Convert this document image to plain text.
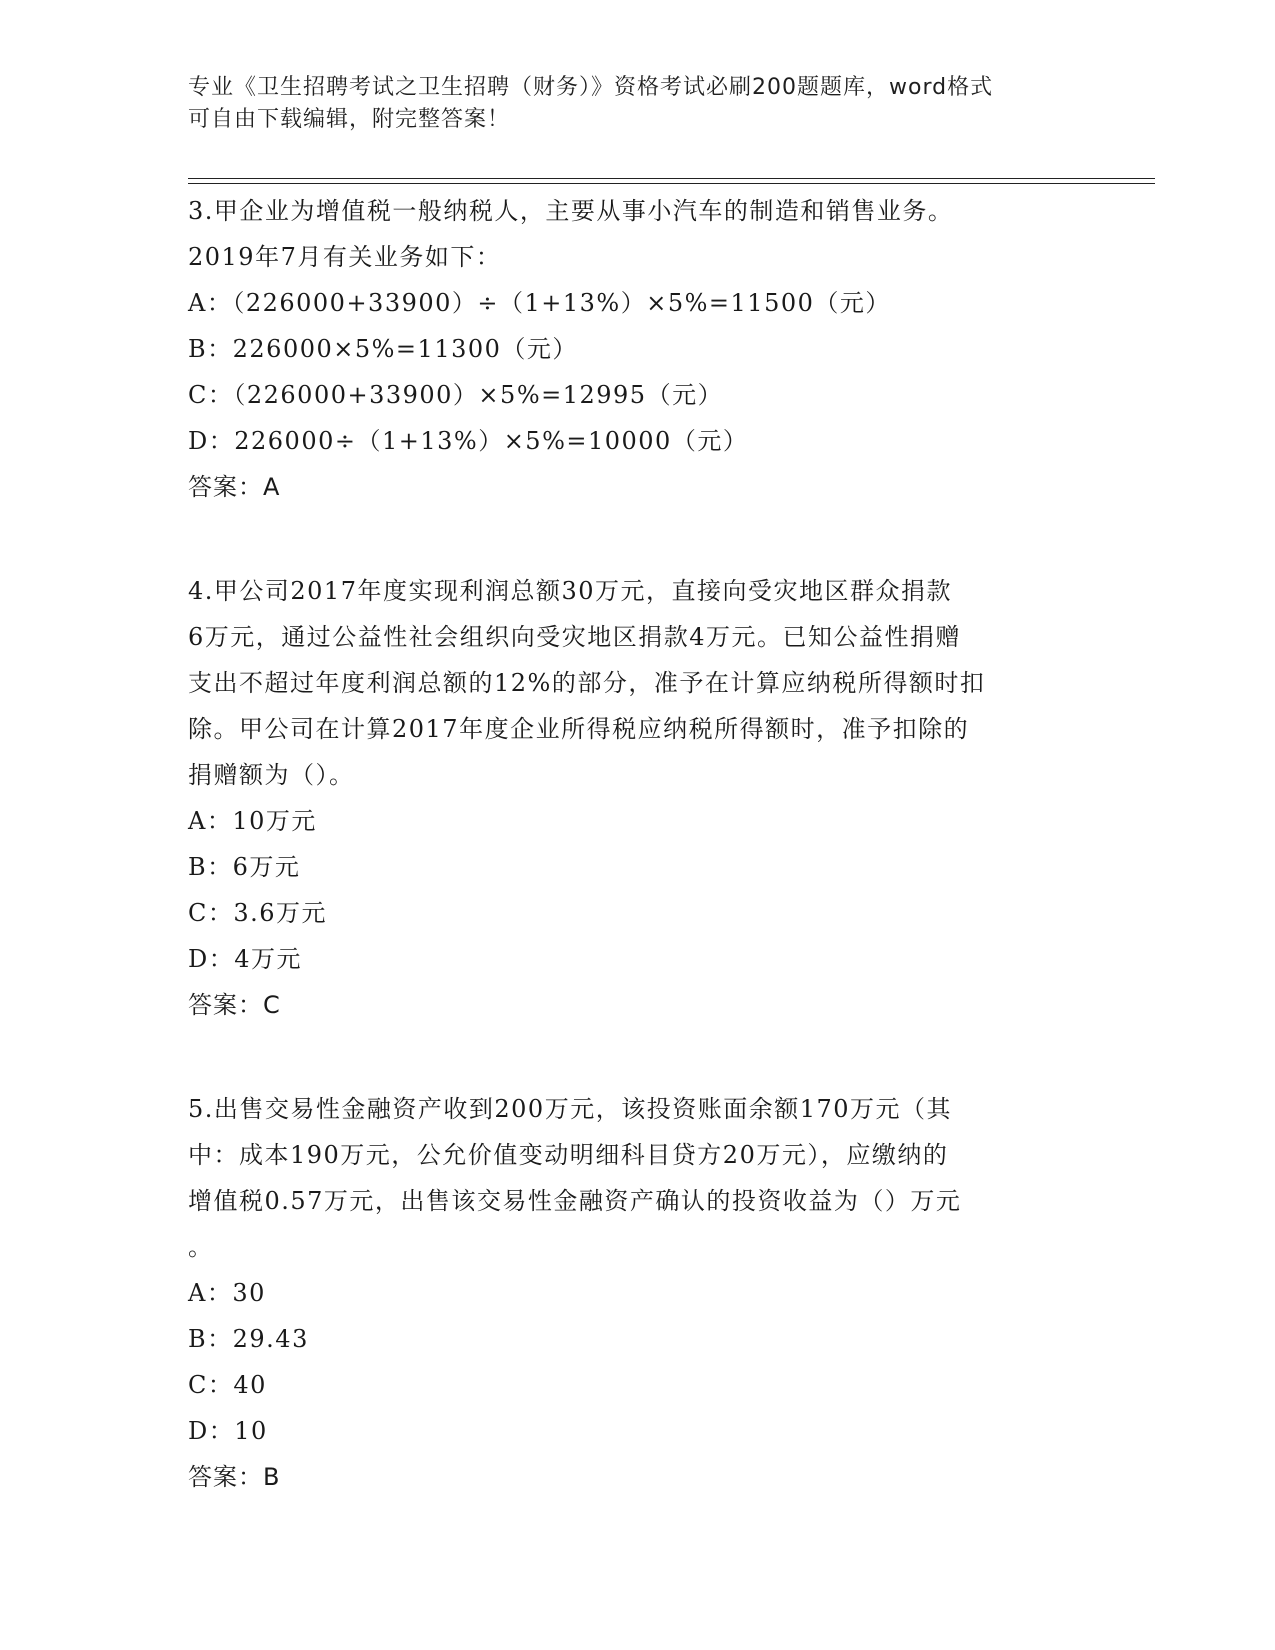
专业《卫生招聘考试之卫生招聘（财务）》资格考试必刷200题题库，word格式
可自由下载编辑，附完整答案！
3.甲企业为增值税一般纳税人，主要从事小汽车的制造和销售业务。
2019年7月有关业务如下：
A：（226000+33900）÷（1+13%）×5%=11500（元）
B：226000×5%=11300（元）
C：（226000+33900）×5%=12995（元）
D：226000÷（1+13%）×5%=10000（元）
答案：A
4.甲公司2017年度实现利润总额30万元，直接向受灾地区群众捐款
6万元，通过公益性社会组织向受灾地区捐款4万元。已知公益性捐赠
支出不超过年度利润总额的12%的部分，准予在计算应纳税所得额时扣
除。甲公司在计算2017年度企业所得税应纳税所得额时，准予扣除的
捐赠额为（）。
A：10万元
B：6万元
C：3.6万元
D：4万元
答案：C
5.出售交易性金融资产收到200万元，该投资账面余额170万元（其
中：成本190万元，公允价值变动明细科目贷方20万元），应缴纳的
增值税0.57万元，出售该交易性金融资产确认的投资收益为（）万元
。
A：30
B：29.43
C：40
D：10
答案：B
